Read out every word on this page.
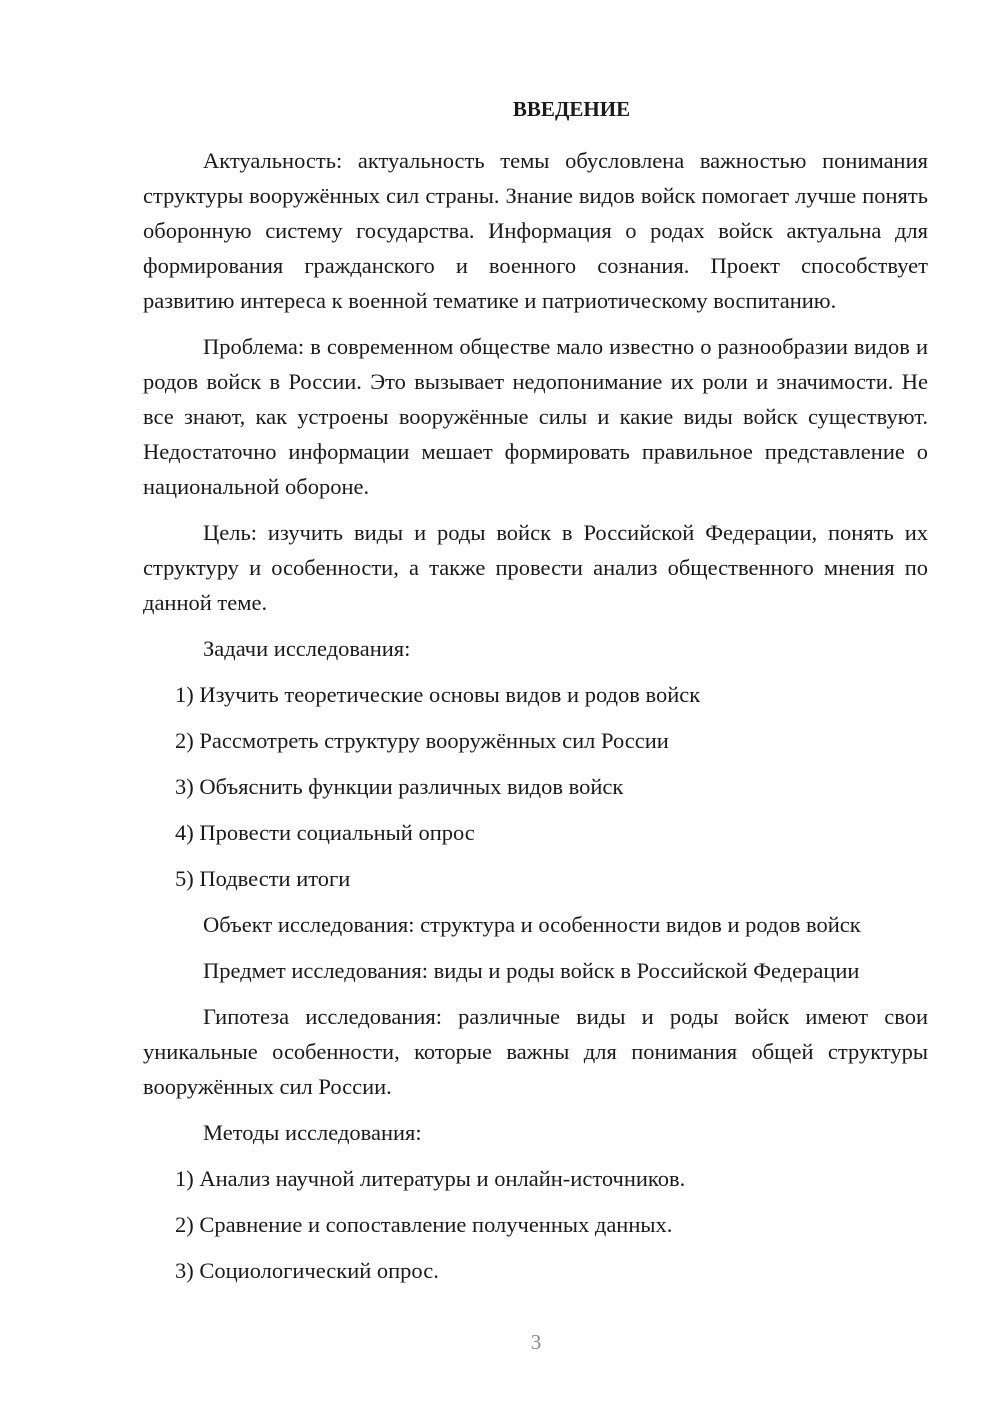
ВВЕДЕНИЕ

Актуальность: актуальность темы обусловлена важностью понимания структуры вооружённых сил страны. Знание видов войск помогает лучше понять оборонную систему государства. Информация о родах войск актуальна для формирования гражданского и военного сознания. Проект способствует развитию интереса к военной тематике и патриотическому воспитанию.

Проблема: в современном обществе мало известно о разнообразии видов и родов войск в России. Это вызывает недопонимание их роли и значимости. Не все знают, как устроены вооружённые силы и какие виды войск существуют. Недостаточно информации мешает формировать правильное представление о национальной обороне.

Цель: изучить виды и роды войск в Российской Федерации, понять их структуру и особенности, а также провести анализ общественного мнения по данной теме.

Задачи исследования:

1) Изучить теоретические основы видов и родов войск

2) Рассмотреть структуру вооружённых сил России

3) Объяснить функции различных видов войск

4) Провести социальный опрос

5) Подвести итоги

Объект исследования: структура и особенности видов и родов войск

Предмет исследования: виды и роды войск в Российской Федерации

Гипотеза исследования: различные виды и роды войск имеют свои уникальные особенности, которые важны для понимания общей структуры вооружённых сил России.

Методы исследования:

1) Анализ научной литературы и онлайн-источников.

2) Сравнение и сопоставление полученных данных.

3) Социологический опрос.

3
